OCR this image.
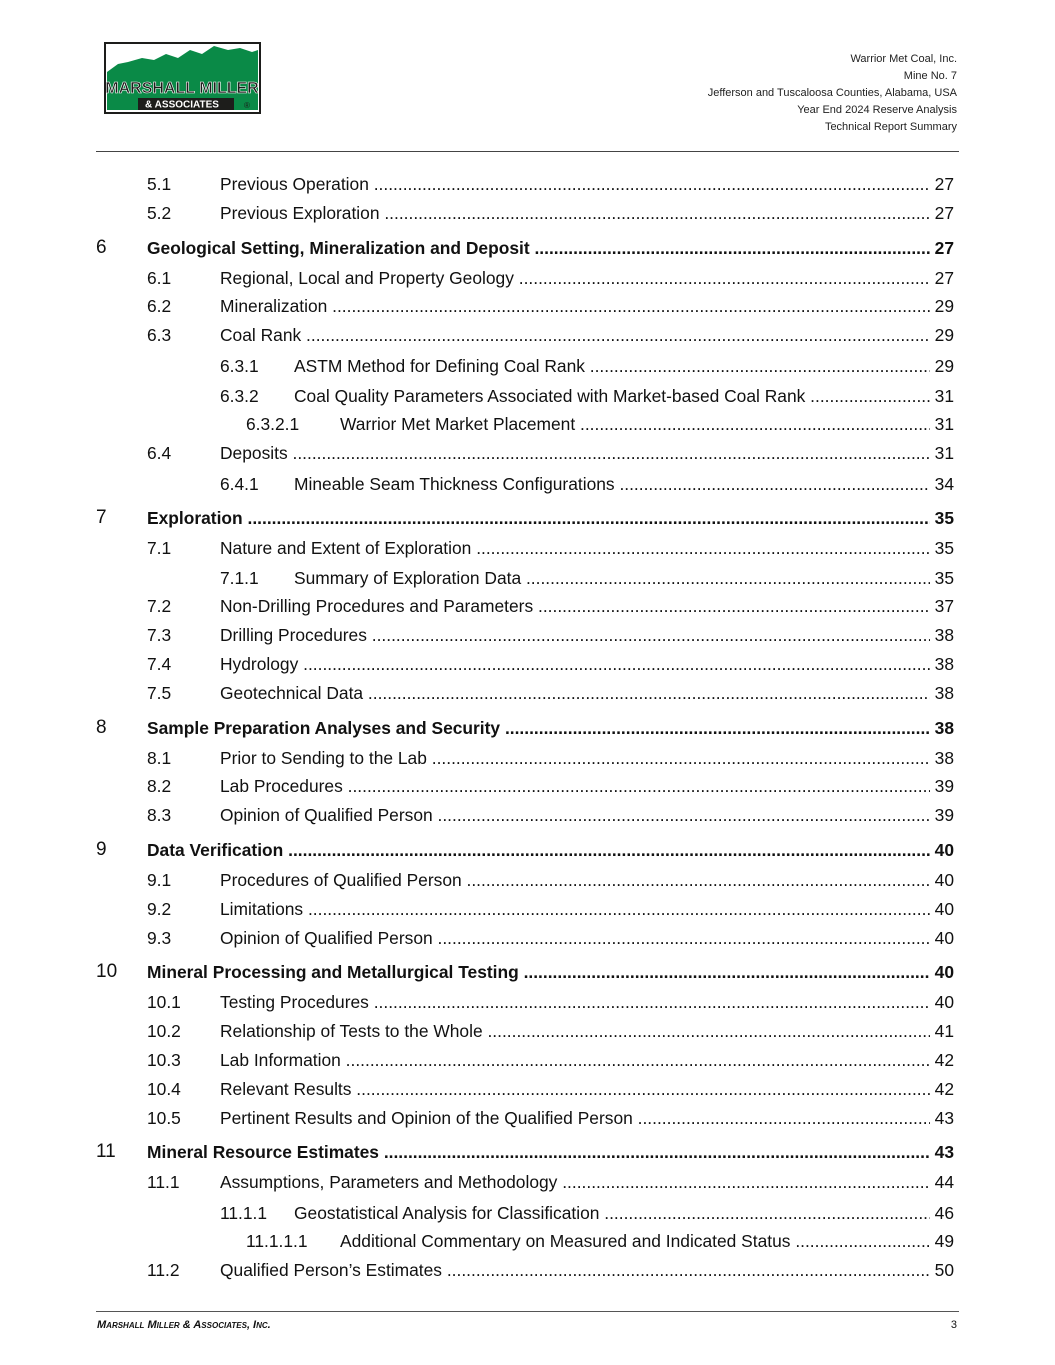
MARSHALL MILLER
& ASSOCIATES	®
Warrior Met Coal, Inc.
Mine No. 7
Jefferson and Tuscaloosa Counties, Alabama, USA
Year End 2024 Reserve Analysis
Technical Report Summary
5.1	Previous Operation .....	27
5.2	Previous Exploration .....	27
6 Geological Setting, Mineralization and Deposit .....	27
6.1	Regional, Local and Property Geology .....	27
6.2	Mineralization .....	29
6.3	Coal Rank .....	29
6.3.1 ASTM Method for Defining Coal Rank .....	29
6.3.2 Coal Quality Parameters Associated with Market-based Coal Rank .....	31
6.3.2.1 Warrior Met Market Placement .....	31
6.4	Deposits .....	31
6.4.1 Mineable Seam Thickness Configurations .....	34
7 Exploration .....	35
7.1	Nature and Extent of Exploration .....	35
7.1.1 Summary of Exploration Data .....	35
7.2	Non-Drilling Procedures and Parameters .....	37
7.3	Drilling Procedures .....	38
7.4	Hydrology .....	38
7.5	Geotechnical Data .....	38
8 Sample Preparation Analyses and Security .....	38
8.1	Prior to Sending to the Lab .....	38
8.2	Lab Procedures .....	39
8.3	Opinion of Qualified Person .....	39
9 Data Verification .....	40
9.1	Procedures of Qualified Person .....	40
9.2	Limitations .....	40
9.3	Opinion of Qualified Person .....	40
10 Mineral Processing and Metallurgical Testing .....	40
10.1 Testing Procedures .....	40
10.2 Relationship of Tests to the Whole .....	41
10.3 Lab Information .....	42
10.4 Relevant Results .....	42
10.5 Pertinent Results and Opinion of the Qualified Person .....	43
11 Mineral Resource Estimates .....	43
11.1 Assumptions, Parameters and Methodology .....	44
11.1.1 Geostatistical Analysis for Classification .....	46
11.1.1.1 Additional Commentary on Measured and Indicated Status .....	49
11.2 Qualified Person’s Estimates .....	50
Marshall Miller & Associates, Inc.	3
